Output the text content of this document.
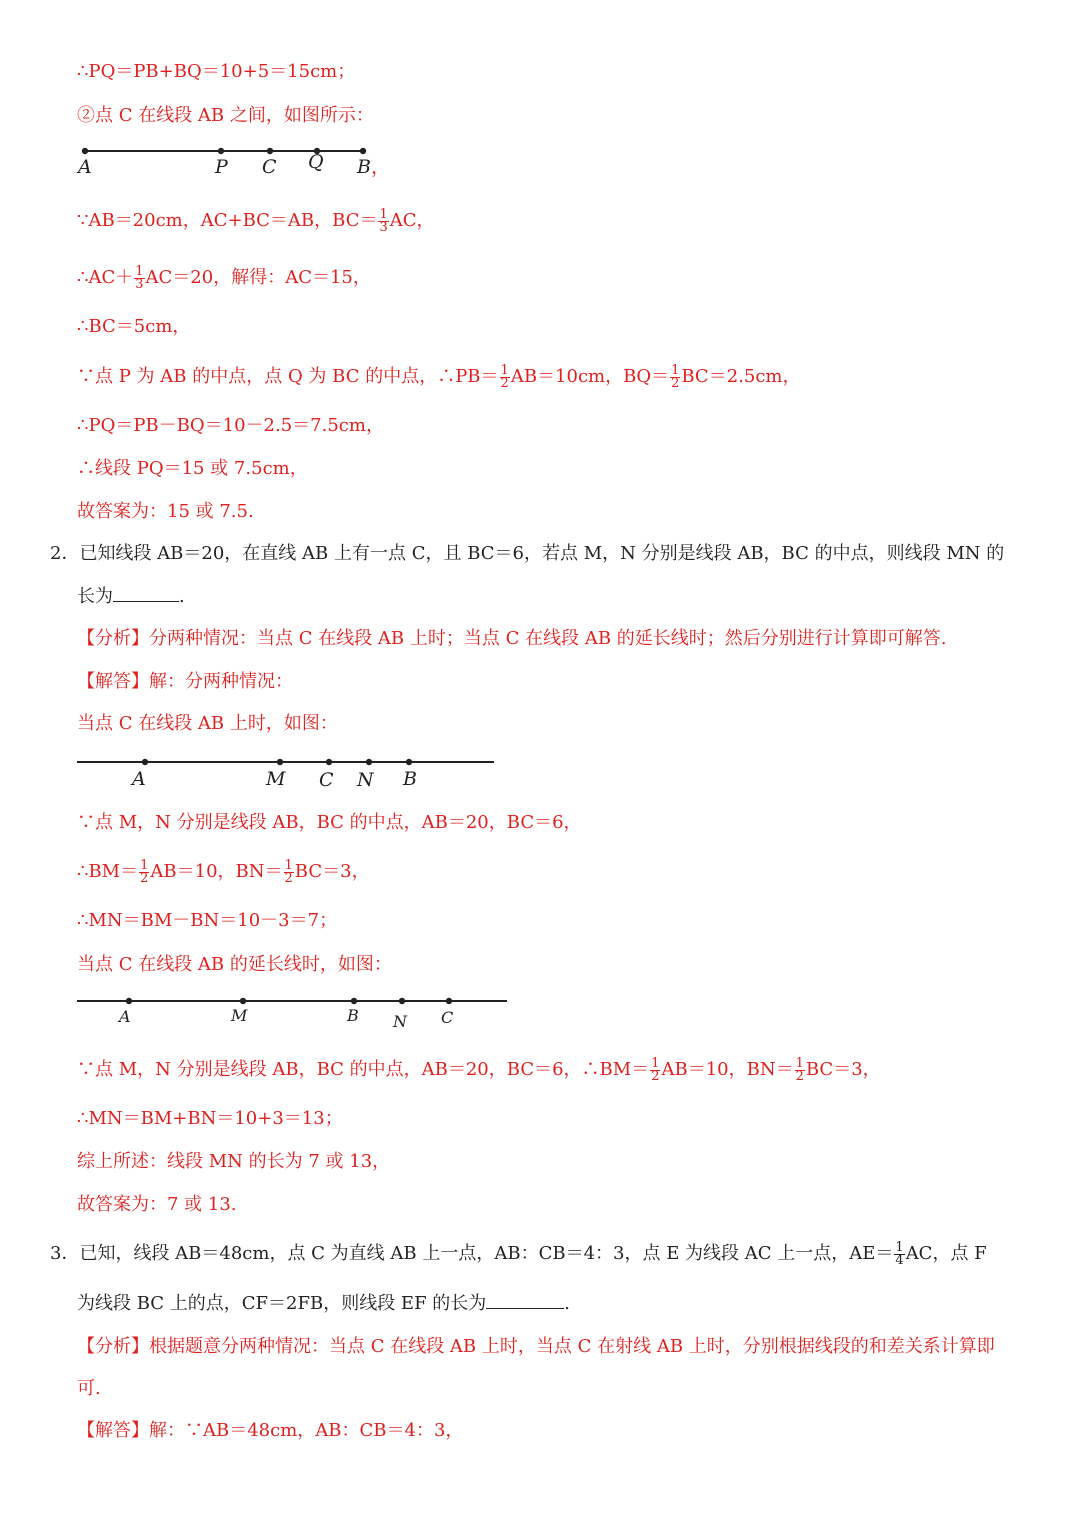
∴PQ＝PB+BQ＝10+5＝15cm；
②点 C 在线段 AB 之间，如图所示：
A	P C Q B ，
∵AB＝20cm，AC+BC＝AB，$BC= \frac{1}{3}$ AC，
∴AC＋ $\frac{1}{3} AC=20$，解得：AC＝15，
∴BC＝5cm，
∵点 P 为 AB 的中点，点 Q 为 BC 的中点，∴PB＝ $\frac{1}{2} AB=10cm$，$BQ= \frac{1}{2} BC=2.5cm$，
∴PQ＝PB－BQ＝10－2.5＝7.5cm，
∴线段 PQ＝15 或 7.5cm，
故答案为：15 或 7.5.
2．已知线段 AB＝20，在直线 AB 上有一点 C，且 BC＝6，若点 M，N 分别是线段 AB，BC 的中点，则线段 MN 的
长为	.
【分析】分两种情况：当点 C 在线段 AB 上时；当点 C 在线段 AB 的延长线时；然后分别进行计算即可解答.
【解答】解：分两种情况：
当点 C 在线段 AB 上时，如图：
A	M C N B
∵点 M，N 分别是线段 AB，BC 的中点，AB＝20，BC＝6，
∴BM＝ $\frac{1}{2} AB=10$，$BN= \frac{1}{2} BC=3$，
∴MN＝BM－BN＝10－3＝7；
当点 C 在线段 AB 的延长线时，如图：
A	M	B N C
∵点 M，N 分别是线段 AB，BC 的中点，AB＝20，BC＝6，∴BM＝ $\frac{1}{2} AB=10$，$BN= \frac{1}{2} BC=3$，
∴MN＝BM+BN＝10+3＝13；
综上所述：线段 MN 的长为 7 或 13，
故答案为：7 或 13.
3．已知，线段 AB＝48cm，点 C 为直线 AB 上一点，AB：CB＝4：3，点 E 为线段 AC 上一点，$AE= \frac{1}{4}$ AC，点 F
为线段 BC 上的点，CF＝2FB，则线段 EF 的长为	.
【分析】根据题意分两种情况：当点 C 在线段 AB 上时，当点 C 在射线 AB 上时，分别根据线段的和差关系计算即
可.
【解答】解：∵AB＝48cm，AB：CB＝4：3，
